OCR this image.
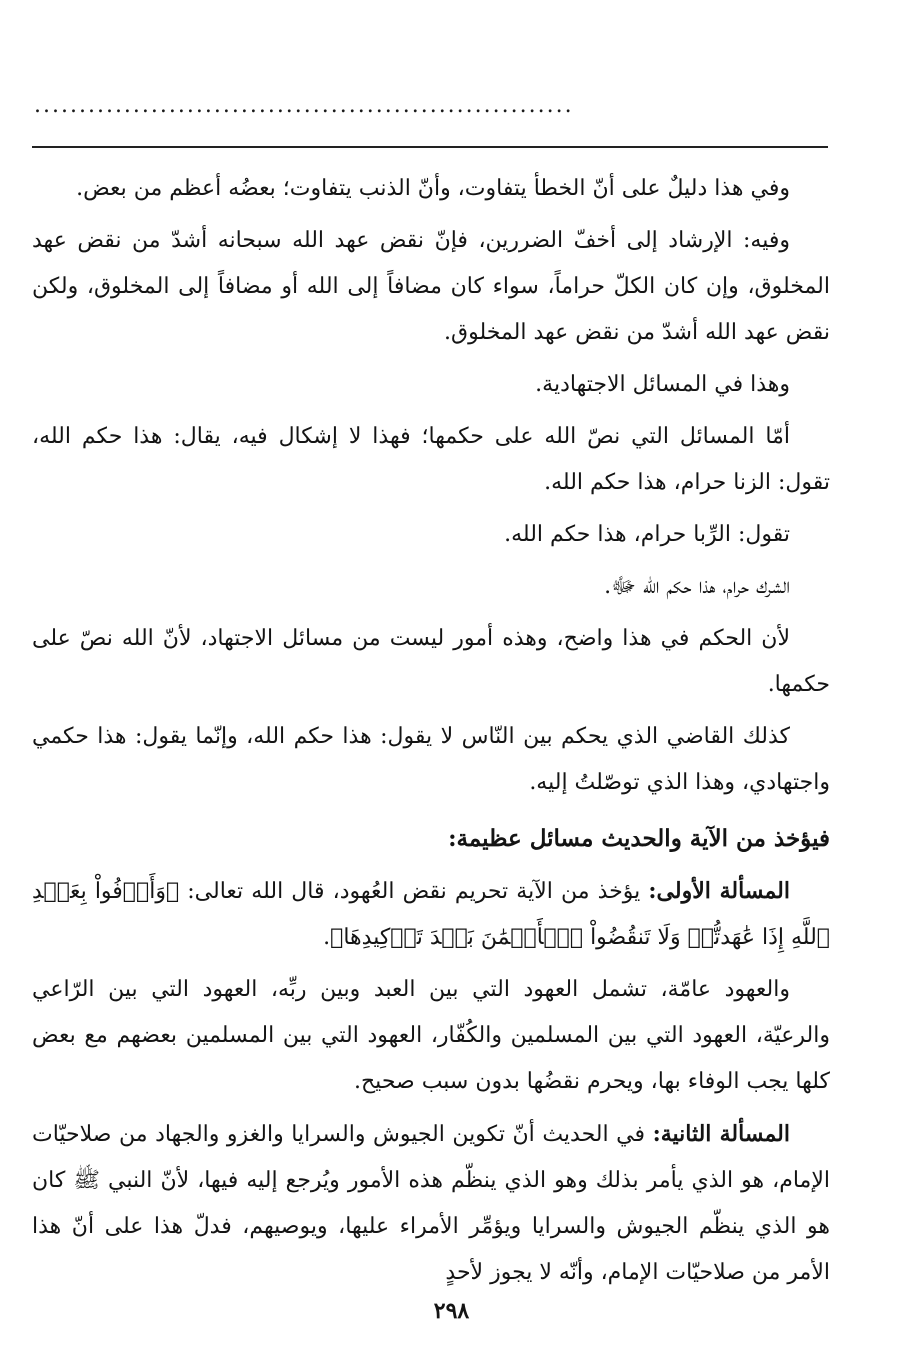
............................................................

وفي هذا دليلٌ على أنّ الخطأ يتفاوت، وأنّ الذنب يتفاوت؛ بعضُه أعظم من بعض.

وفيه: الإرشاد إلى أخفّ الضررين، فإنّ نقض عهد الله سبحانه أشدّ من نقض عهد المخلوق، وإن كان الكلّ حراماً، سواء كان مضافاً إلى الله أو مضافاً إلى المخلوق، ولكن نقض عهد الله أشدّ من نقض عهد المخلوق.

وهذا في المسائل الاجتهادية.

أمّا المسائل التي نصّ الله على حكمها؛ فهذا لا إشكال فيه، يقال: هذا حكم الله، تقول: الزنا حرام، هذا حكم الله.

تقول: الرِّبا حرام، هذا حكم الله.

الشرك حرام، هذا حكم الله ﷻ.

لأن الحكم في هذا واضح، وهذه أمور ليست من مسائل الاجتهاد، لأنّ الله نصّ على حكمها.

كذلك القاضي الذي يحكم بين النّاس لا يقول: هذا حكم الله، وإنّما يقول: هذا حكمي واجتهادي، وهذا الذي توصّلتُ إليه.

فيؤخذ من الآية والحديث مسائل عظيمة:

المسألة الأولى: يؤخذ من الآية تحريم نقض العُهود، قال الله تعالى: ﴿وَأَوۡفُواْ بِعَهۡدِ ٱللَّهِ إِذَا عَٰهَدتُّمۡ وَلَا تَنقُضُواْ ٱلۡأَيۡمَٰنَ بَعۡدَ تَوۡكِيدِهَا﴾.

والعهود عامّة، تشمل العهود التي بين العبد وبين ربِّه، العهود التي بين الرّاعي والرعيّة، العهود التي بين المسلمين والكُفّار، العهود التي بين المسلمين بعضهم مع بعض كلها يجب الوفاء بها، ويحرم نقضُها بدون سبب صحيح.

المسألة الثانية: في الحديث أنّ تكوين الجيوش والسرايا والغزو والجهاد من صلاحيّات الإمام، هو الذي يأمر بذلك وهو الذي ينظّم هذه الأمور ويُرجع إليه فيها، لأنّ النبي ﷺ كان هو الذي ينظّم الجيوش والسرايا ويؤمِّر الأمراء عليها، ويوصيهم، فدلّ هذا على أنّ هذا الأمر من صلاحيّات الإمام، وأنّه لا يجوز لأحدٍ

٢٩٨
